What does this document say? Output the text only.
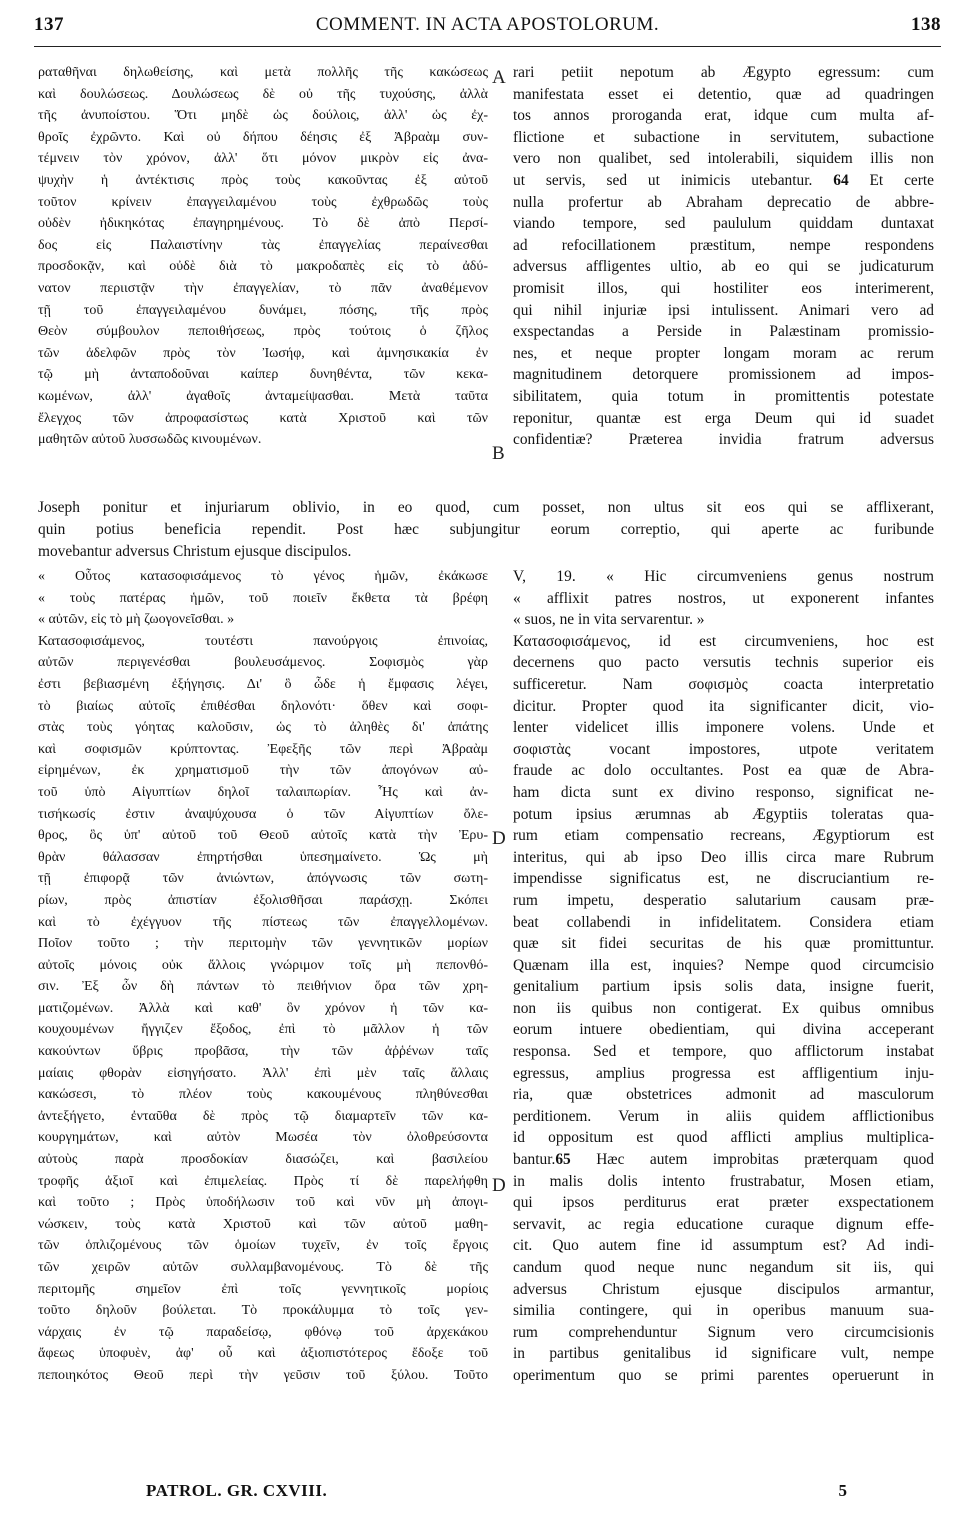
137	COMMENT. IN ACTA APOSTOLORUM.	138
ραταθῆναι δηλωθείσης, καὶ μετὰ πολλῆς τῆς κακώσεως
καὶ δουλώσεως. Δουλώσεως δὲ οὐ τῆς τυχούσης, ἀλλὰ
τῆς ἀνυποίστου. Ὅτι μηδὲ ὡς δούλοις, ἀλλ' ὡς ἐχ-
θροῖς ἐχρῶντο. Καὶ οὐ δήπου δέησις ἐξ Ἀβραὰμ συν-
τέμνειν τὸν χρόνον, ἀλλ' ὅτι μόνον μικρὸν εἰς ἀνα-
ψυχὴν ἡ ἀντέκτισις πρὸς τοὺς κακοῦντας ἐξ αὐτοῦ
τοῦτον κρίνειν ἐπαγγειλαμένου τοὺς ἐχθρωδῶς τοὺς
οὐδὲν ἠδικηκότας ἐπαγηρημένους. Τὸ δὲ ἀπὸ Περσί-
δος εἰς Παλαιστίνην τὰς ἐπαγγελίας περαίνεσθαι
προσδοκᾷν, καὶ οὐδὲ διὰ τὸ μακροδαπὲς εἰς τὸ ἀδύ-
νατον περιιστᾷν τὴν ἐπαγγελίαν, τὸ πᾶν ἀναθέμενον
τῇ τοῦ ἐπαγγειλαμένου δυνάμει, πόσης, τῆς πρὸς
Θεὸν σύμβουλον πεποιθήσεως, πρὸς τούτοις ὁ ζῆλος
τῶν ἀδελφῶν πρὸς τὸν Ἰωσήφ, καὶ ἀμνησικακία ἐν
τῷ μὴ ἀνταποδοῦναι καίπερ δυνηθέντα, τῶν κεκα-
κωμένων, ἀλλ' ἀγαθοῖς ἀνταμείψασθαι. Μετὰ ταῦτα
ἔλεγχος τῶν ἀπροφασίστως κατὰ Χριστοῦ καὶ τῶν
μαθητῶν αὐτοῦ λυσσωδῶς κινουμένων.
rari petiit nepotum ab Ægypto egressum: cum
manifestata esset ei detentio, quæ ad quadringen
tos annos proroganda erat, idque cum multa af-
flictione et subactione in servitutem, subactione
vero non qualibet, sed intolerabili, siquidem illis non
ut servis, sed ut inimicis utebantur. 64 Et certe
nulla profertur ab Abraham deprecatio de abbre-
viando tempore, sed paululum quiddam duntaxat
ad refocillationem præstitum, nempe respondens
adversus affligentes ultio, ab eo qui se judicaturum
promisit illos, qui hostiliter eos interimerent,
qui nihil injuriæ ipsi intulissent. Animari vero ad
exspectandas a Perside in Palæstinam promissio-
nes, et neque propter longam moram ac rerum
magnitudinem detorquere promissionem ad impos-
sibilitatem, quia totum in promittentis potestate
reponitur, quantæ est erga Deum qui id suadet
confidentiæ? Præterea invidia fratrum adversus
Joseph ponitur et injuriarum oblivio, in eo quod, cum posset, non ultus sit eos qui se afflixerant,
quin potius beneficia rependit. Post hæc subjungitur eorum correptio, qui aperte ac furibunde
movebantur adversus Christum ejusque discipulos.
« Οὗτος κατασοφισάμενος τὸ γένος ἡμῶν, ἐκάκωσε
« τοὺς πατέρας ἡμῶν, τοῦ ποιεῖν ἔκθετα τὰ βρέφη
« αὐτῶν, εἰς τὸ μὴ ζωογονεῖσθαι. »
Κατασοφισάμενος, τουτέστι πανούργοις ἐπινοίας,
αὐτῶν περιγενέσθαι βουλευσάμενος. Σοφισμὸς γὰρ
ἐστι βεβιασμένη ἐξήγησις. Δι' ὃ ὧδε ἡ ἔμφασις λέγει,
τὸ βιαίως αὐτοῖς ἐπιθέσθαι δηλονότι· ὅθεν καὶ σοφι-
στὰς τοὺς γόητας καλοῦσιν, ὡς τὸ ἀληθὲς δι' ἀπάτης
καὶ σοφισμῶν κρύπτοντας. Ἐφεξῆς τῶν περὶ Ἀβραὰμ
εἰρημένων, ἐκ χρηματισμοῦ τὴν τῶν ἀπογόνων αὐ-
τοῦ ὑπὸ Αἰγυπτίων δηλοῖ ταλαιπωρίαν. Ἧς καὶ ἀν-
τισήκωσίς ἐστιν ἀναψύχουσα ὁ τῶν Αἰγυπτίων ὄλε-
θρος, ὃς ὑπ' αὐτοῦ τοῦ Θεοῦ αὐτοῖς κατὰ τὴν Ἐρυ-
θρὰν θάλασσαν ἐπηρτήσθαι ὑπεσημαίνετο. Ὡς μὴ
τῇ ἐπιφορᾷ τῶν ἀνιώντων, ἀπόγνωσις τῶν σωτη-
ρίων, πρὸς ἀπιστίαν ἐξολισθῆσαι παράσχῃ. Σκόπει
καὶ τὸ ἐχέγγυον τῆς πίστεως τῶν ἐπαγγελλομένων.
Ποῖον τοῦτο ; τὴν περιτομὴν τῶν γεννητικῶν μορίων
αὐτοῖς μόνοις οὐκ ἄλλοις γνώριμον τοῖς μὴ πεπονθό-
σιν. Ἐξ ὧν δὴ πάντων τὸ πειθήνιον ὅρα τῶν χρη-
ματιζομένων. Ἀλλὰ καὶ καθ' ὃν χρόνον ἡ τῶν κα-
κουχουμένων ἤγγιζεν ἔξοδος, ἐπὶ τὸ μᾶλλον ἡ τῶν
κακούντων ὕβρις προβᾶσα, τὴν τῶν ἀῤῥένων ταῖς
μαίαις φθορὰν εἰσηγήσατο. Ἀλλ' ἐπὶ μὲν ταῖς ἄλλαις
κακώσεσι, τὸ πλέον τοὺς κακουμένους πληθύνεσθαι
ἀντεξήγετο, ἐνταῦθα δὲ πρὸς τῷ διαμαρτεῖν τῶν κα-
κουργημάτων, καὶ αὐτὸν Μωσέα τὸν ὀλοθρεύσοντα
αὐτοὺς παρὰ προσδοκίαν διασώζει, καὶ βασιλείου
τροφῆς ἀξιοῖ καὶ ἐπιμελείας. Πρὸς τί δὲ παρελήφθη
καὶ τοῦτο ; Πρὸς ὑποδήλωσιν τοῦ καὶ νῦν μὴ ἀπογι-
νώσκειν, τοὺς κατὰ Χριστοῦ καὶ τῶν αὐτοῦ μαθη-
τῶν ὁπλιζομένους τῶν ὁμοίων τυχεῖν, ἐν τοῖς ἔργοις
τῶν χειρῶν αὐτῶν συλλαμβανομένους. Τὸ δὲ τῆς
περιτομῆς σημεῖον ἐπὶ τοῖς γεννητικοῖς μορίοις
τοῦτο δηλοῦν βούλεται. Τὸ προκάλυμμα τὸ τοῖς γεν-
νάρχαις ἐν τῷ παραδείσῳ, φθόνῳ τοῦ ἀρχεκάκου
ἄφεως ὑποφυὲν, ἀφ' οὗ καὶ ἀξιοπιστότερος ἔδοξε τοῦ
πεποιηκότος Θεοῦ περὶ τὴν γεῦσιν τοῦ ξύλου. Τοῦτο
V, 19. « Hic circumveniens genus nostrum
« afflixit patres nostros, ut exponerent infantes
« suos, ne in vita servarentur. »
Κατασοφισάμενος, id est circumveniens, hoc est
decernens quo pacto versutis technis superior eis
sufficeretur. Nam σοφισμὸς coacta interpretatio
dicitur. Propter quod ita significanter dicit, vio-
lenter videlicet illis imponere volens. Unde et
σοφιστὰς vocant impostores, utpote veritatem
fraude ac dolo occultantes. Post ea quæ de Abra-
ham dicta sunt ex divino responso, significat ne-
potum ipsius ærumnas ab Ægyptiis toleratas qua-
rum etiam compensatio recreans, Ægyptiorum est
interitus, qui ab ipso Deo illis circa mare Rubrum
impendisse significatus est, ne discruciantium re-
rum impetu, desperatio salutarium causam præ-
beat collabendi in infidelitatem. Considera etiam
quæ sit fidei securitas de his quæ promittuntur.
Quænam illa est, inquies? Nempe quod circumcisio
genitalium partium ipsis solis data, insigne fuerit,
non iis quibus non contigerat. Ex quibus omnibus
eorum intuere obedientiam, qui divina acceperant
responsa. Sed et tempore, quo afflictorum instabat
egressus, amplius progressa est affligentium inju-
ria, quæ obstetrices admonit ad masculorum
perditionem. Verum in aliis quidem afflictionibus
id oppositum est quod afflicti amplius multiplica-
bantur.65 Hæc autem improbitas præterquam quod
in malis dolis intento frustrabatur, Mosen etiam,
qui ipsos perditurus erat præter exspectationem
servavit, ac regia educatione curaque dignum effe-
cit. Quo autem fine id assumptum est? Ad indi-
candum quod neque nunc negandum sit iis, qui
adversus Christum ejusque discipulos armantur,
similia contingere, qui in operibus manuum sua-
rum comprehenduntur Signum vero circumcisionis
in partibus genitalibus id significare vult, nempe
operimentum quo se primi parentes operuerunt in
A
B
D
D
PATROL. GR. CXVIII.	5
